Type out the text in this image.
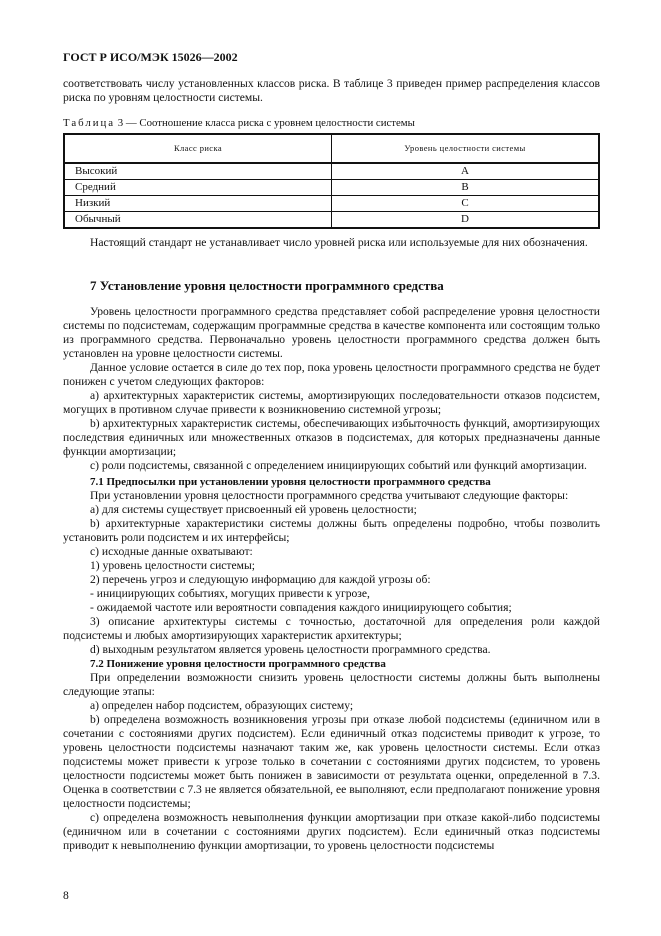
ГОСТ Р ИСО/МЭК 15026—2002

соответствовать числу установленных классов риска. В таблице 3 приведен пример распределения классов риска по уровням целостности системы.

Таблица 3 — Соотношение класса риска с уровнем целостности системы
Класс риска	Уровень целостности системы
Высокий	A
Средний	B
Низкий	C
Обычный	D

Настоящий стандарт не устанавливает число уровней риска или используемые для них обозначения.

7 Установление уровня целостности программного средства

Уровень целостности программного средства представляет собой распределение уровня целостности системы по подсистемам, содержащим программные средства в качестве компонента или состоящим только из программного средства. Первоначально уровень целостности программного средства должен быть установлен на уровне целостности системы.

Данное условие остается в силе до тех пор, пока уровень целостности программного средства не будет понижен с учетом следующих факторов:

a) архитектурных характеристик системы, амортизирующих последовательности отказов подсистем, могущих в противном случае привести к возникновению системной угрозы;

b) архитектурных характеристик системы, обеспечивающих избыточность функций, амортизирующих последствия единичных или множественных отказов в подсистемах, для которых предназначены данные функции амортизации;

c) роли подсистемы, связанной с определением инициирующих событий или функций амортизации.

7.1 Предпосылки при установлении уровня целостности программного средства

При установлении уровня целостности программного средства учитывают следующие факторы:

a) для системы существует присвоенный ей уровень целостности;

b) архитектурные характеристики системы должны быть определены подробно, чтобы позволить установить роли подсистем и их интерфейсы;

c) исходные данные охватывают:

1) уровень целостности системы;

2) перечень угроз и следующую информацию для каждой угрозы об:

- инициирующих событиях, могущих привести к угрозе,

- ожидаемой частоте или вероятности совпадения каждого инициирующего события;

3) описание архитектуры системы с точностью, достаточной для определения роли каждой подсистемы и любых амортизирующих характеристик архитектуры;

d) выходным результатом является уровень целостности программного средства.

7.2 Понижение уровня целостности программного средства

При определении возможности снизить уровень целостности системы должны быть выполнены следующие этапы:

a) определен набор подсистем, образующих систему;

b) определена возможность возникновения угрозы при отказе любой подсистемы (единичном или в сочетании с состояниями других подсистем). Если единичный отказ подсистемы приводит к угрозе, то уровень целостности подсистемы назначают таким же, как уровень целостности системы. Если отказ подсистемы может привести к угрозе только в сочетании с состояниями других подсистем, то уровень целостности подсистемы может быть понижен в зависимости от результата оценки, определенной в 7.3. Оценка в соответствии с 7.3 не является обязательной, ее выполняют, если предполагают понижение уровня целостности подсистемы;

c) определена возможность невыполнения функции амортизации при отказе какой-либо подсистемы (единичном или в сочетании с состояниями других подсистем). Если единичный отказ подсистемы приводит к невыполнению функции амортизации, то уровень целостности подсистемы

8
